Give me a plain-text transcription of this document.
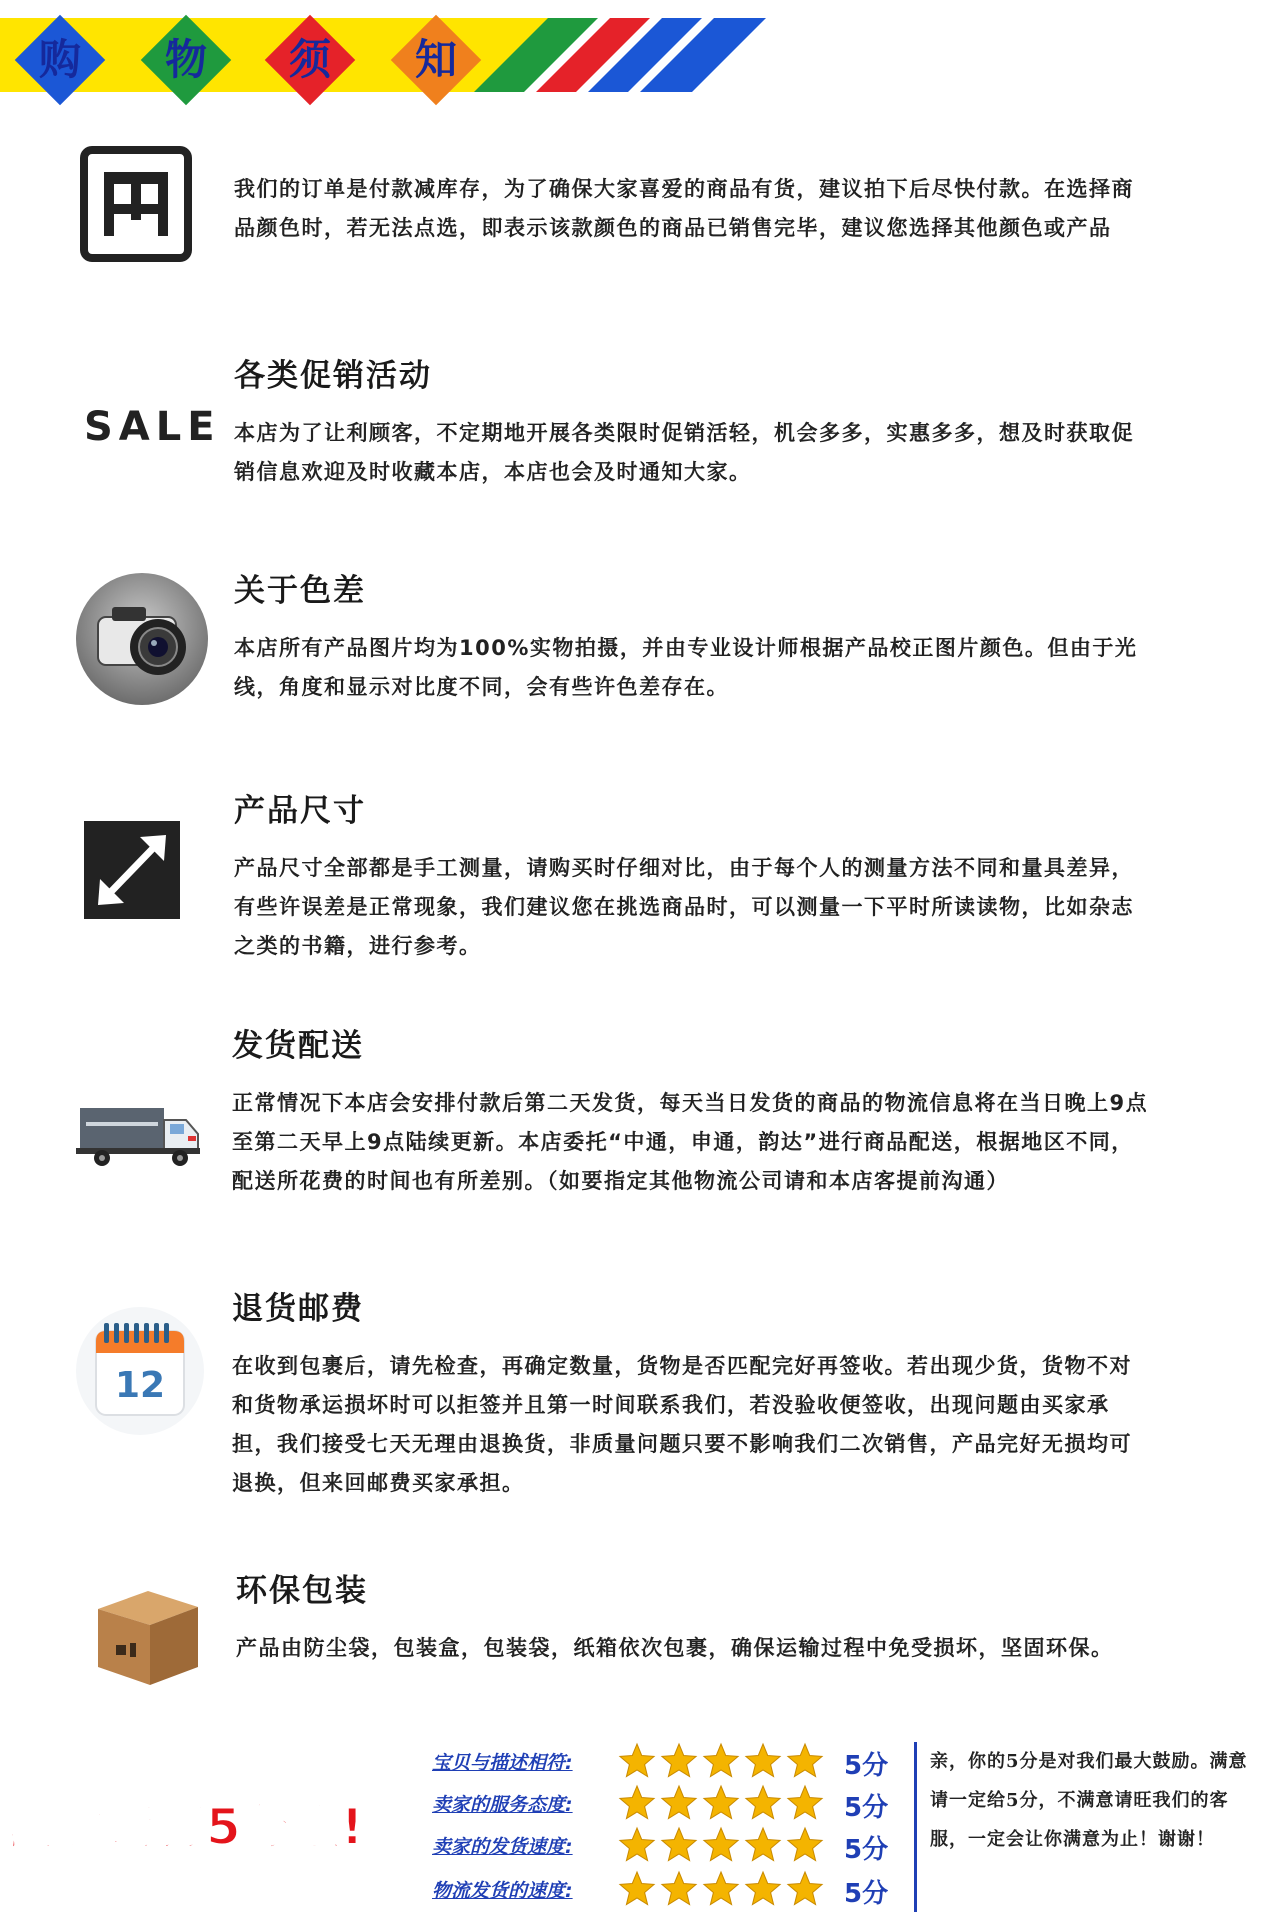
购	物	须	知

我们的订单是付款减库存，为了确保大家喜爱的商品有货，建议拍下后尽快付款。在选择商品颜色时，若无法点选，即表示该款颜色的商品已销售完毕，建议您选择其他颜色或产品

各类促销活动
SALE 本店为了让利顾客，不定期地开展各类限时促销活轻，机会多多，实惠多多，想及时获取促销信息欢迎及时收藏本店，本店也会及时通知大家。

关于色差

本店所有产品图片均为100%实物拍摄，并由专业设计师根据产品校正图片颜色。但由于光线，角度和显示对比度不同，会有些许色差存在。

产品尺寸

产品尺寸全部都是手工测量，请购买时仔细对比，由于每个人的测量方法不同和量具差异，有些许误差是正常现象，我们建议您在挑选商品时，可以测量一下平时所读读物，比如杂志之类的书籍，进行参考。

发货配送

正常情况下本店会安排付款后第二天发货，每天当日发货的商品的物流信息将在当日晚上9点至第二天早上9点陆续更新。本店委托“中通，申通，韵达”进行商品配送，根据地区不同，配送所花费的时间也有所差别。（如要指定其他物流公司请和本店客提前沟通）

退货邮费
12	在收到包裹后，请先检查，再确定数量，货物是否匹配完好再签收。若出现少货，货物不对和货物承运损坏时可以拒签并且第一时间联系我们，若没验收便签收，出现问题由买家承担，我们接受七天无理由退换货，非质量问题只要不影响我们二次销售，产品完好无损均可退换，但来回邮费买家承担。

环保包装

产品由防尘袋，包装盒，包装袋，纸箱依次包裹，确保运输过程中免受损坏，坚固环保。

满意请打5分哦!
宝贝与描述相符:	5分
卖家的服务态度:	5分
卖家的发货速度:	5分
物流发货的速度:	5分

亲，你的5分是对我们最大鼓励。满意请一定给5分，不满意请旺我们的客服，一定会让你满意为止！谢谢！
